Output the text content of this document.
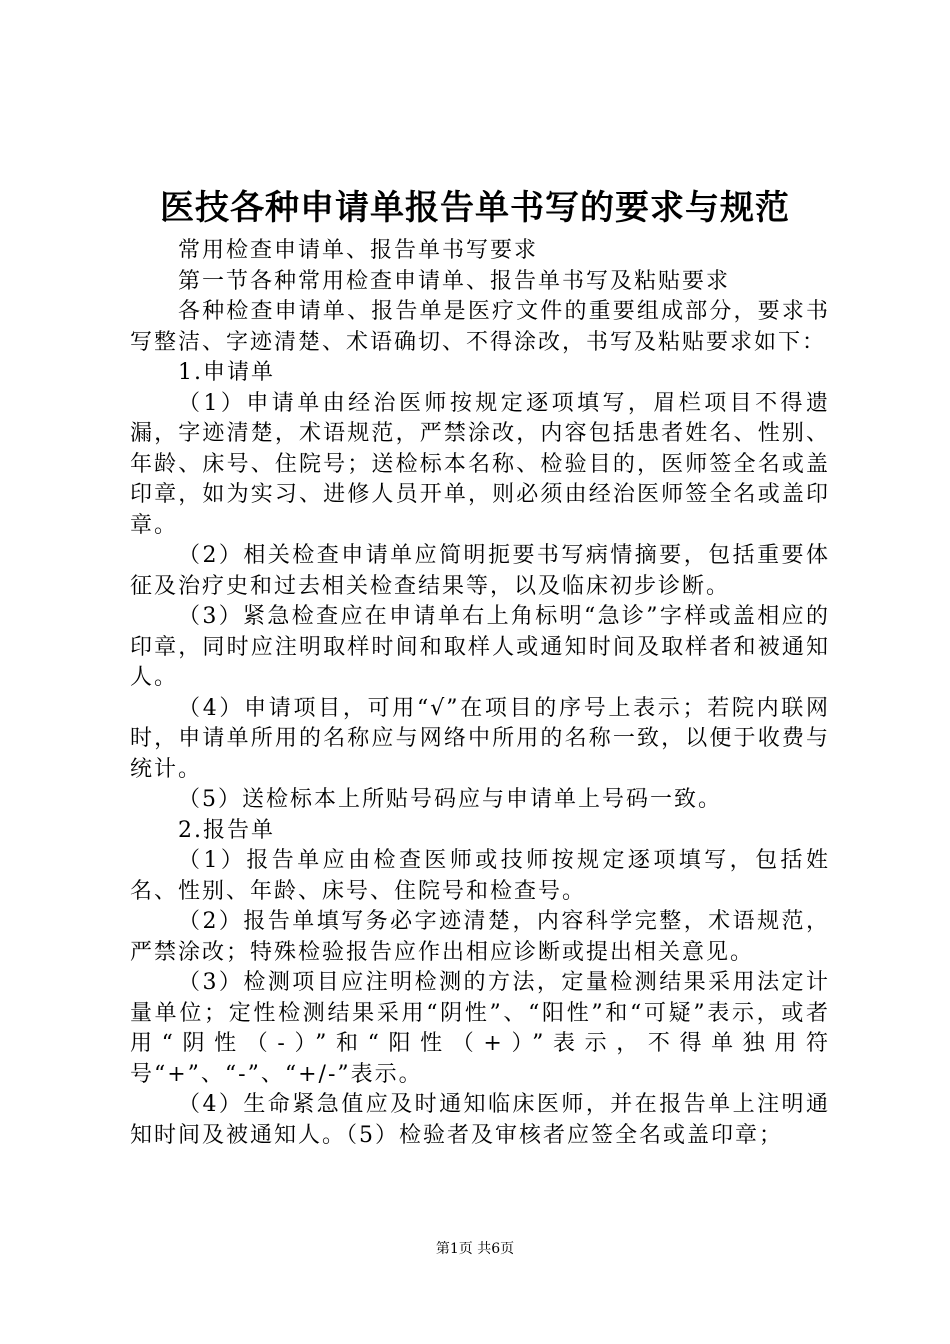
医技各种申请单报告单书写的要求与规范

常用检查申请单、报告单书写要求

第一节各种常用检查申请单、报告单书写及粘贴要求

各种检查申请单、报告单是医疗文件的重要组成部分，要求书写整洁、字迹清楚、术语确切、不得涂改，书写及粘贴要求如下：

1.申请单

（1）申请单由经治医师按规定逐项填写，眉栏项目不得遗漏，字迹清楚，术语规范，严禁涂改，内容包括患者姓名、性别、年龄、床号、住院号；送检标本名称、检验目的，医师签全名或盖印章，如为实习、进修人员开单，则必须由经治医师签全名或盖印章。

（2）相关检查申请单应简明扼要书写病情摘要，包括重要体征及治疗史和过去相关检查结果等，以及临床初步诊断。

（3）紧急检查应在申请单右上角标明“急诊”字样或盖相应的印章，同时应注明取样时间和取样人或通知时间及取样者和被通知人。

（4）申请项目，可用“√”在项目的序号上表示；若院内联网时，申请单所用的名称应与网络中所用的名称一致，以便于收费与统计。

（5）送检标本上所贴号码应与申请单上号码一致。

2.报告单

（1）报告单应由检查医师或技师按规定逐项填写，包括姓名、性别、年龄、床号、住院号和检查号。

（2）报告单填写务必字迹清楚，内容科学完整，术语规范，严禁涂改；特殊检验报告应作出相应诊断或提出相关意见。

（3）检测项目应注明检测的方法，定量检测结果采用法定计量单位；定性检测结果采用“阴性”、“阳性”和“可疑”表示，或者用“阴性（-）”和“阳性（+）”表示，不得单独用符号“+”、“-”、“+/-”表示。

（4）生命紧急值应及时通知临床医师，并在报告单上注明通知时间及被通知人。（5）检验者及审核者应签全名或盖印章；

第1页 共6页
